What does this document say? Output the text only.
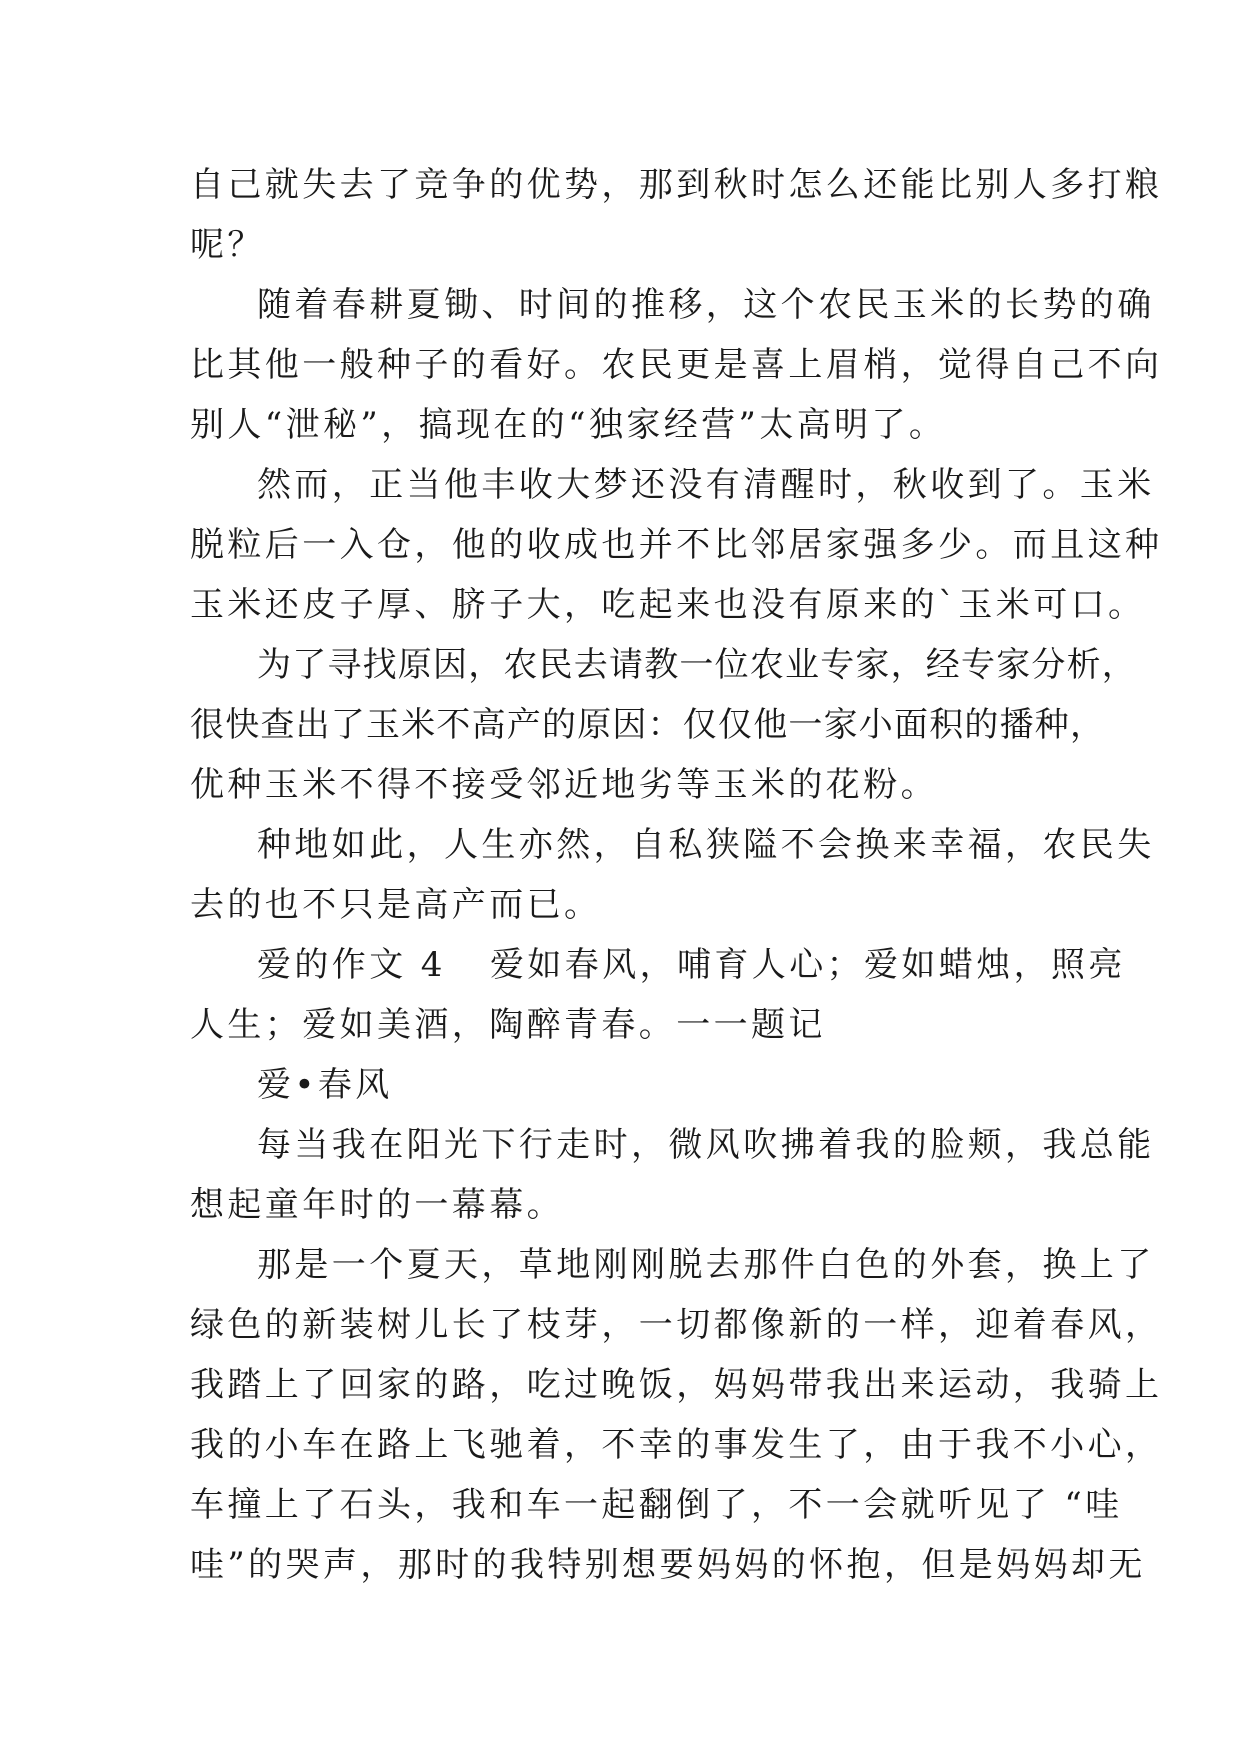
自己就失去了竞争的优势，那到秋时怎么还能比别人多打粮
呢？
随着春耕夏锄、时间的推移，这个农民玉米的长势的确
比其他一般种子的看好。农民更是喜上眉梢，觉得自己不向
别人“泄秘”，搞现在的“独家经营”太高明了。
然而，正当他丰收大梦还没有清醒时，秋收到了。玉米
脱粒后一入仓，他的收成也并不比邻居家强多少。而且这种
玉米还皮子厚、脐子大，吃起来也没有原来的`玉米可口。
为了寻找原因，农民去请教一位农业专家，经专家分析，
很快查出了玉米不高产的原因：仅仅他一家小面积的播种，
优种玉米不得不接受邻近地劣等玉米的花粉。
种地如此，人生亦然，自私狭隘不会换来幸福，农民失
去的也不只是高产而已。
爱的作文 4 爱如春风，哺育人心；爱如蜡烛，照亮
人生；爱如美酒，陶醉青春。一一题记
爱•春风
每当我在阳光下行走时，微风吹拂着我的脸颊，我总能
想起童年时的一幕幕。
那是一个夏天，草地刚刚脱去那件白色的外套，换上了
绿色的新装树儿长了枝芽，一切都像新的一样，迎着春风，
我踏上了回家的路，吃过晚饭，妈妈带我出来运动，我骑上
我的小车在路上飞驰着，不幸的事发生了，由于我不小心，
车撞上了石头，我和车一起翻倒了，不一会就听见了 “哇
哇”的哭声，那时的我特别想要妈妈的怀抱，但是妈妈却无
